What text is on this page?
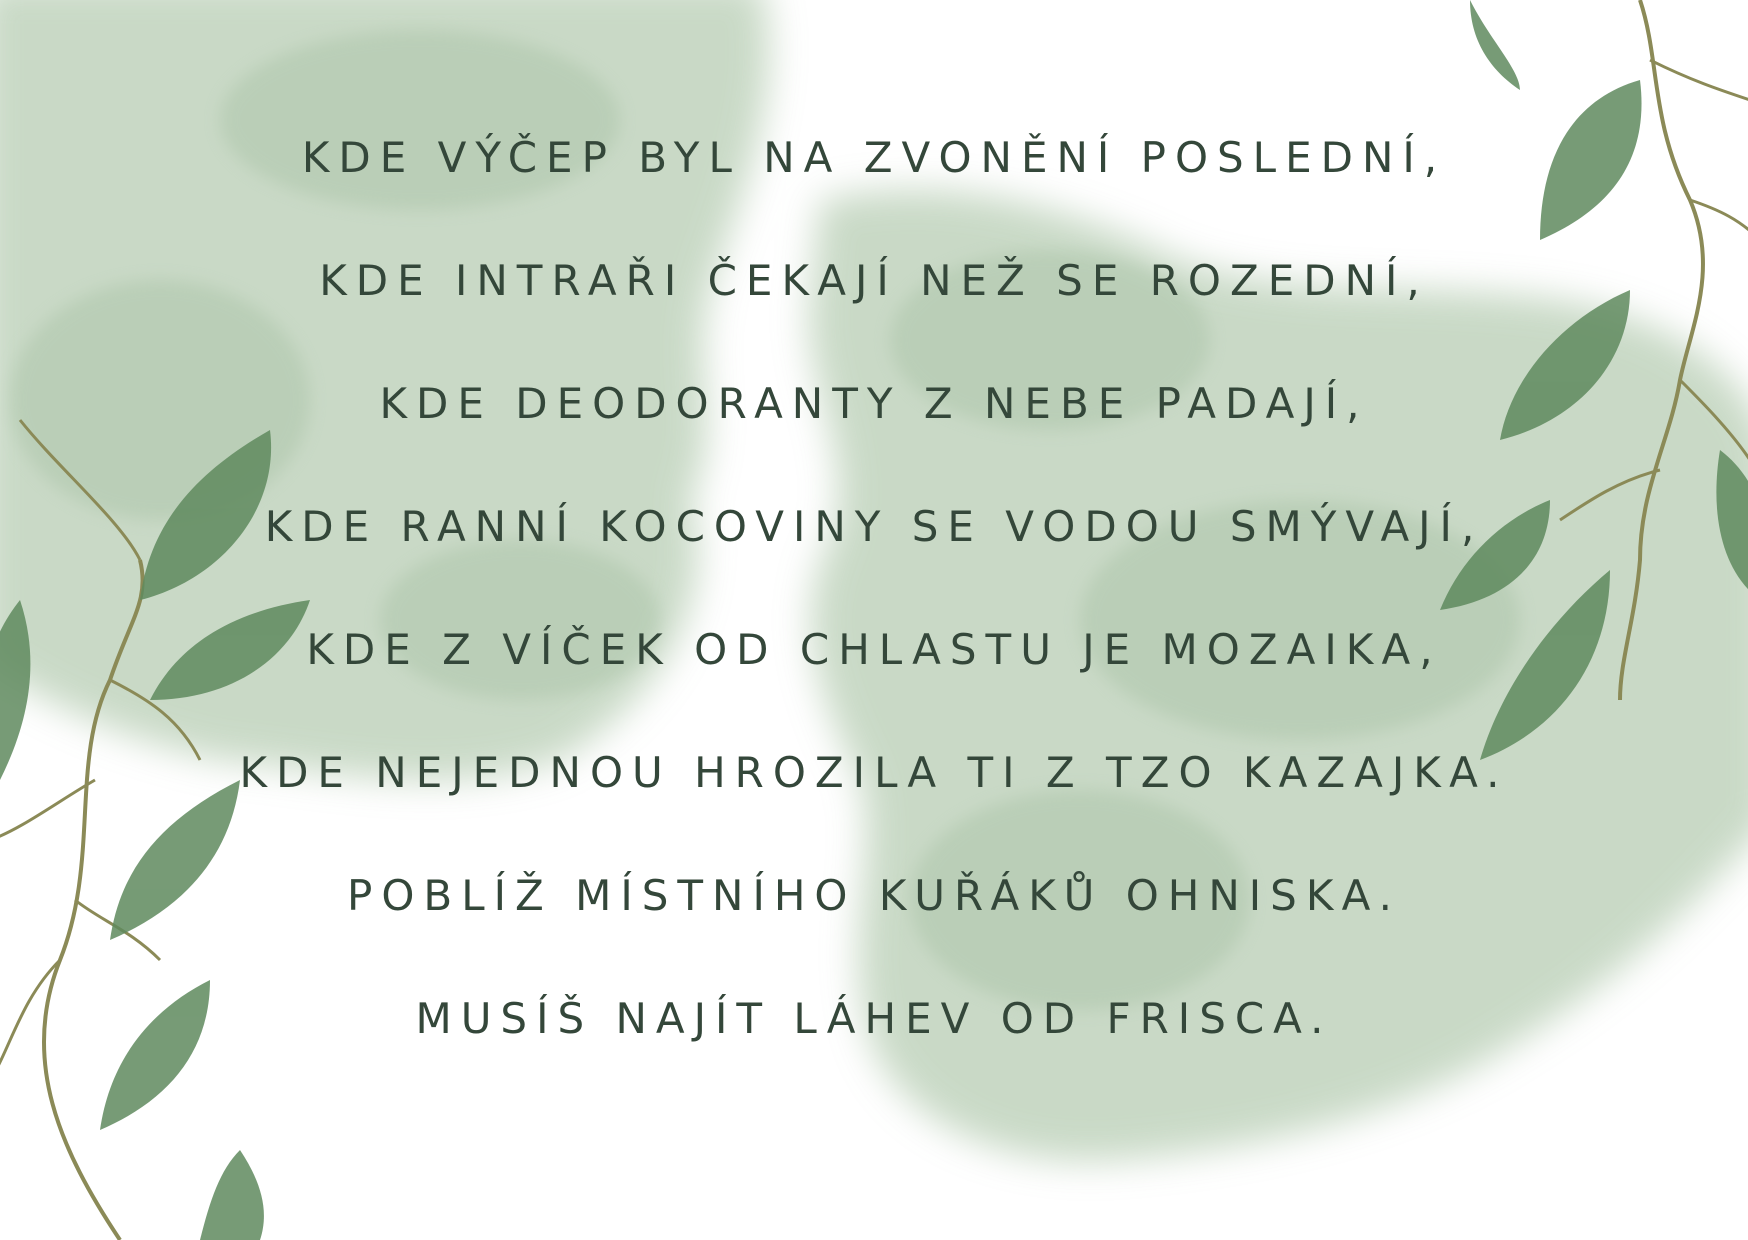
KDE VÝČEP BYL NA ZVONĚNÍ POSLEDNÍ,
KDE INTRAŘI ČEKAJÍ NEŽ SE ROZEDNÍ,
KDE DEODORANTY Z NEBE PADAJÍ,
KDE RANNÍ KOCOVINY SE VODOU SMÝVAJÍ,
KDE Z VÍČEK OD CHLASTU JE MOZAIKA,
KDE NEJEDNOU HROZILA TI Z TZO KAZAJKA.
POBLÍŽ MÍSTNÍHO KUŘÁKŮ OHNISKA.
MUSÍŠ NAJÍT LÁHEV OD FRISCA.
